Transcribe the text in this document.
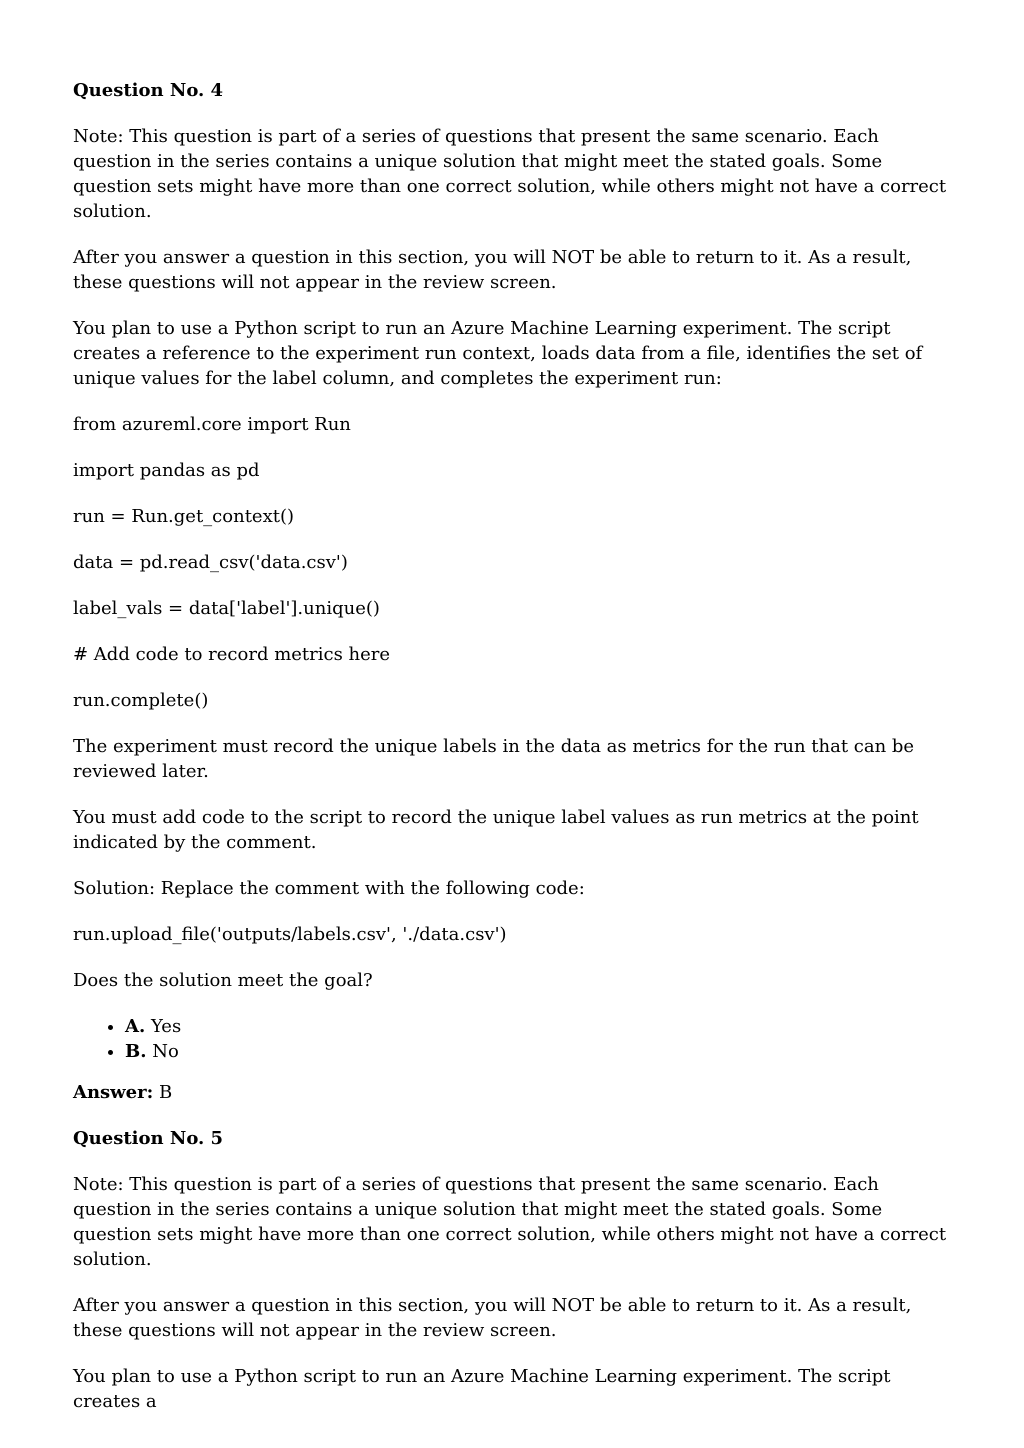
Question No. 4

Note: This question is part of a series of questions that present the same scenario. Each question in the series contains a unique solution that might meet the stated goals. Some question sets might have more than one correct solution, while others might not have a correct solution.

After you answer a question in this section, you will NOT be able to return to it. As a result, these questions will not appear in the review screen.

You plan to use a Python script to run an Azure Machine Learning experiment. The script creates a reference to the experiment run context, loads data from a file, identifies the set of unique values for the label column, and completes the experiment run:

from azureml.core import Run

import pandas as pd

run = Run.get_context()

data = pd.read_csv('data.csv')

label_vals = data['label'].unique()

# Add code to record metrics here

run.complete()

The experiment must record the unique labels in the data as metrics for the run that can be reviewed later.

You must add code to the script to record the unique label values as run metrics at the point indicated by the comment.

Solution: Replace the comment with the following code:

run.upload_file('outputs/labels.csv', './data.csv')

Does the solution meet the goal?

• A. Yes
• B. No

Answer: B

Question No. 5

Note: This question is part of a series of questions that present the same scenario. Each question in the series contains a unique solution that might meet the stated goals. Some question sets might have more than one correct solution, while others might not have a correct solution.

After you answer a question in this section, you will NOT be able to return to it. As a result, these questions will not appear in the review screen.

You plan to use a Python script to run an Azure Machine Learning experiment. The script creates a
